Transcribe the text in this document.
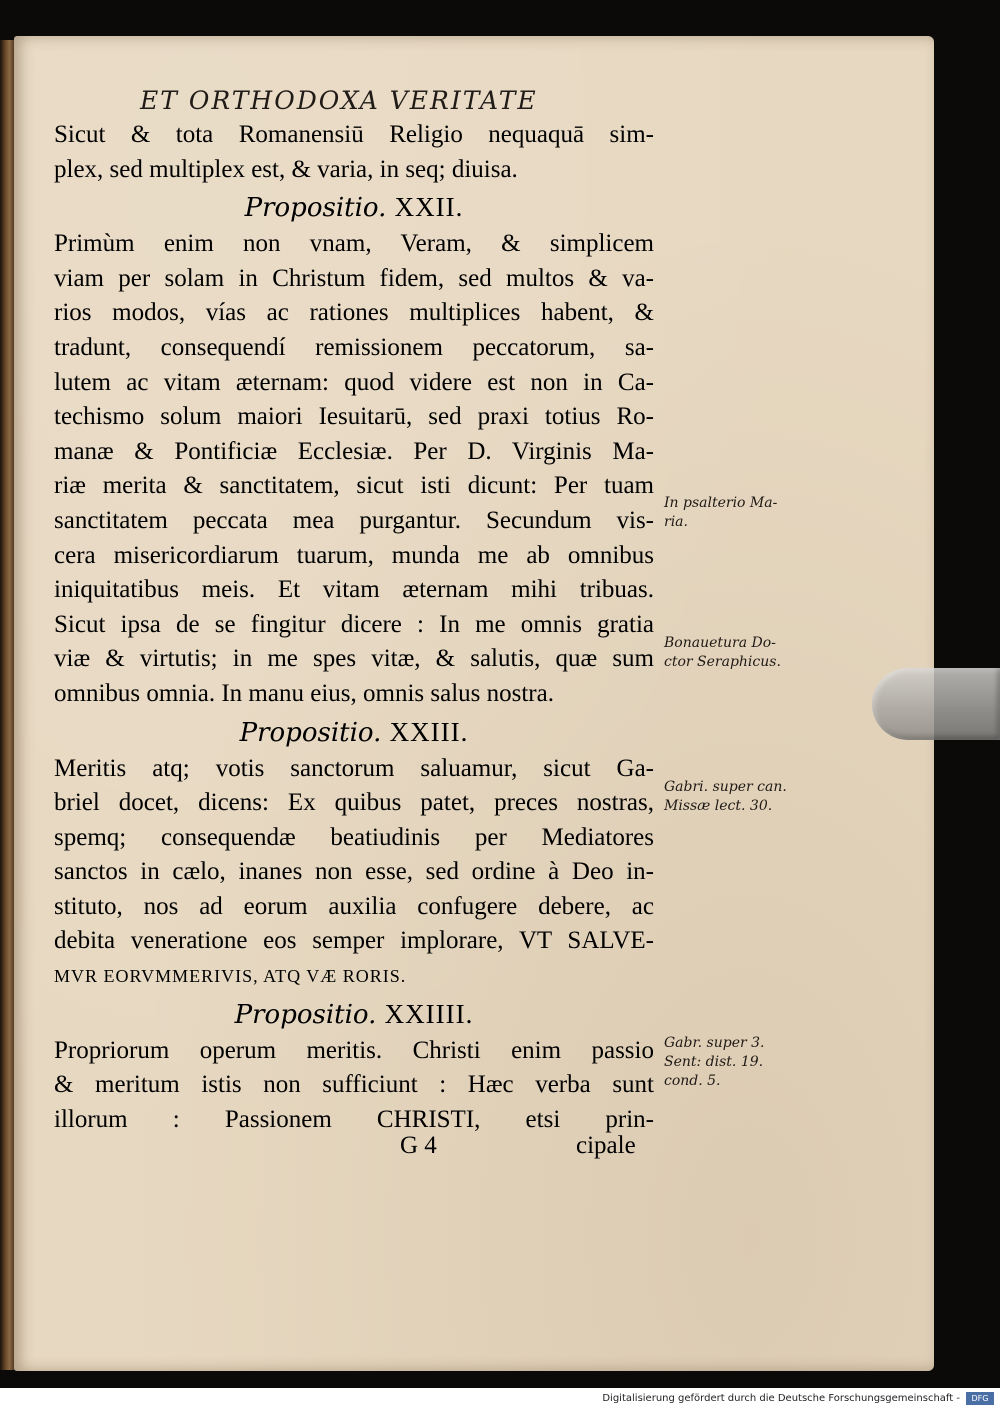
ET ORTHODOXA VERITATE
Sicut & tota Romanensiū Religio nequaquā sim-
plex, sed multiplex est, & varia, in seq; diuisa.
Propositio. XXII.
Primùm enim non vnam, Veram, & simplicem
viam per solam in Christum fidem, sed multos & va-
rios modos, vías ac rationes multiplices habent, &
tradunt, consequendí remissionem peccatorum, sa-
lutem ac vitam æternam: quod videre est non in Ca-
techismo solum maiori Iesuitarū, sed praxi totius Ro-
manæ & Pontificiæ Ecclesiæ. Per D. Virginis Ma-
riæ merita & sanctitatem, sicut isti dicunt: Per tuam
sanctitatem peccata mea purgantur. Secundum vis-
cera misericordiarum tuarum, munda me ab omnibus
iniquitatibus meis. Et vitam æternam mihi tribuas.
Sicut ipsa de se fingitur dicere : In me omnis gratia
viæ & virtutis; in me spes vitæ, & salutis, quæ sum
omnibus omnia. In manu eius, omnis salus nostra.
Propositio. XXIII.
Meritis atq; votis sanctorum saluamur, sicut Ga-
briel docet, dicens: Ex quibus patet, preces nostras,
spemq; consequendæ beatiudinis per Mediatores
sanctos in cælo, inanes non esse, sed ordine à Deo in-
stituto, nos ad eorum auxilia confugere debere, ac
debita veneratione eos semper implorare, VT SALVE-
MVR EORVMMERIVIS, ATQ VÆ RORIS.
Propositio. XXIIII.
Propriorum operum meritis. Christi enim passio
& meritum istis non sufficiunt : Hæc verba sunt
illorum : Passionem CHRISTI, etsi prin-
G 4	cipale
In psalterio Ma-
ria.
Bonauetura Do-
ctor Seraphicus.
Gabri. super can.
Missæ lect. 30.
Gabr. super 3.
Sent: dist. 19.
cond. 5.
Digitalisierung gefördert durch die Deutsche Forschungsgemeinschaft -	DFG
